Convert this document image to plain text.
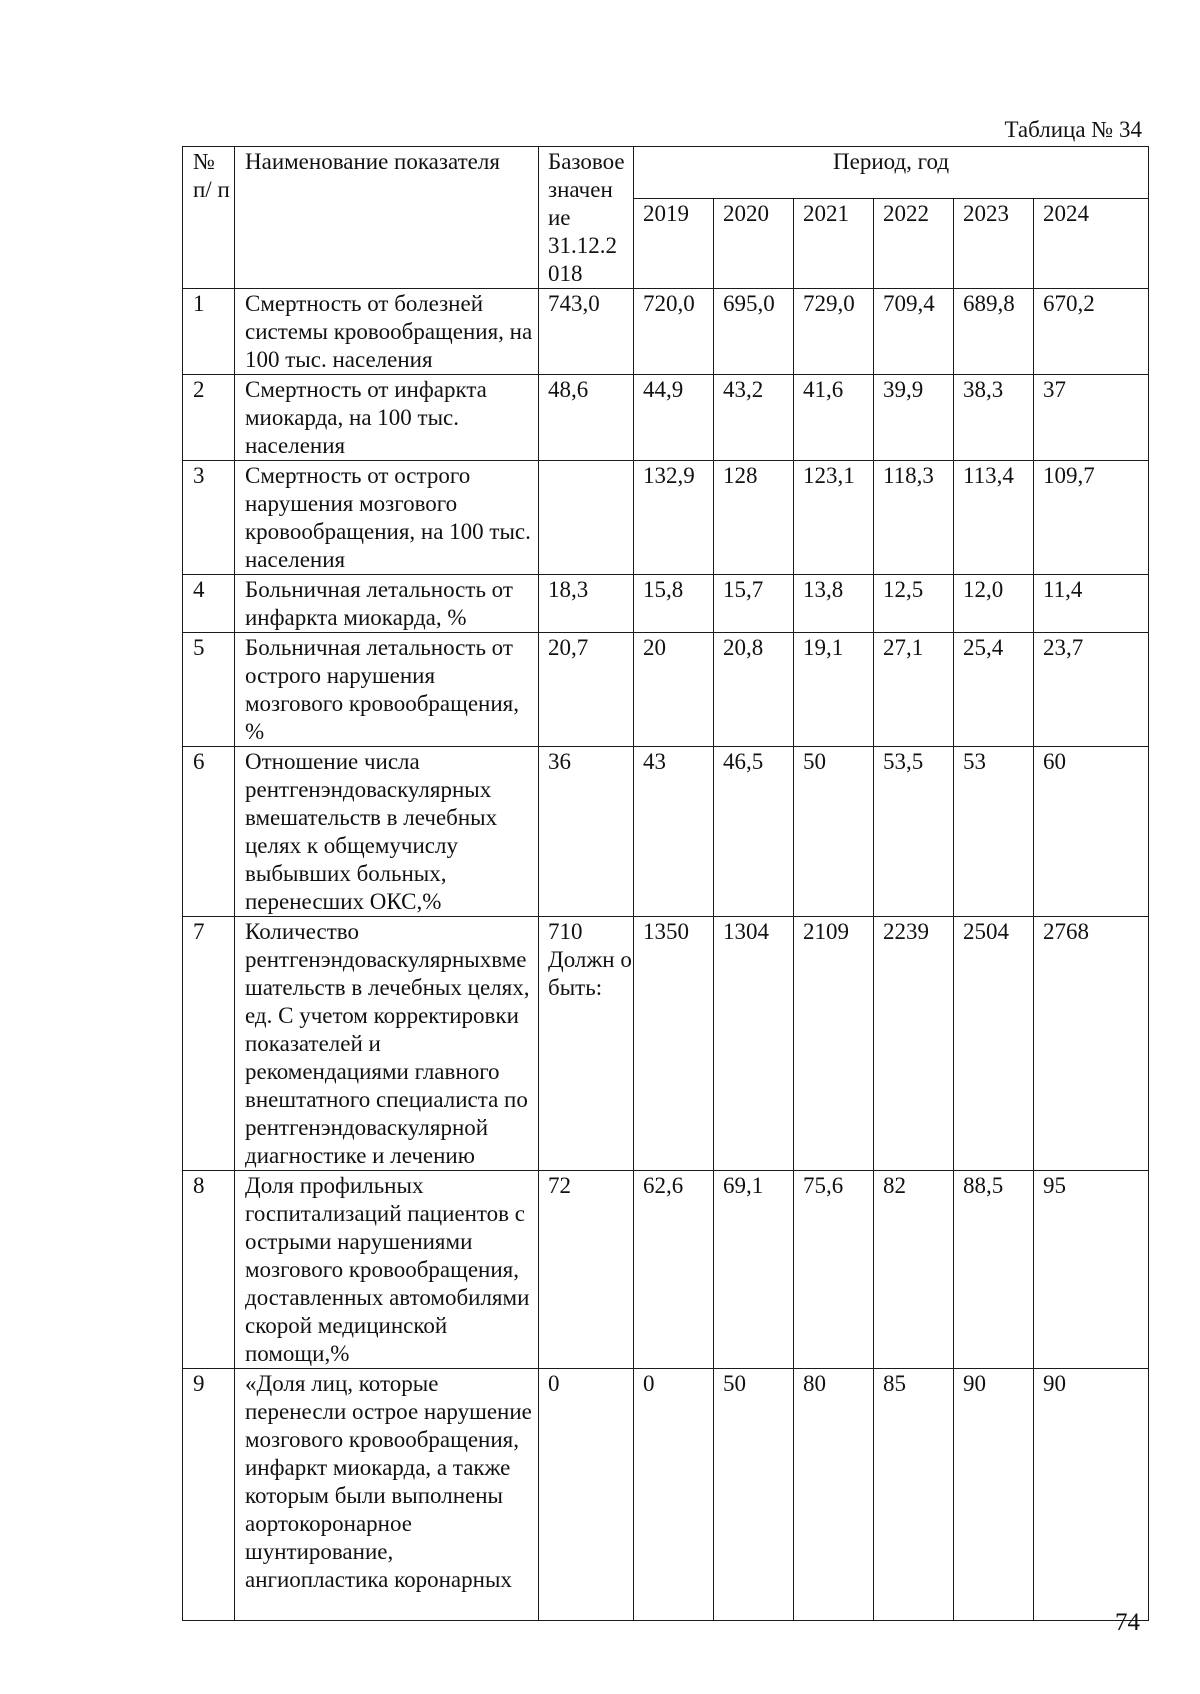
Таблица № 34
№ п/ п	Наименование показателя	Базовое значен ие 31.12.2 018	Период, год					
			2019	2020	2021	2022	2023	2024
1	Смертность от болезней системы кровообращения, на 100 тыс. населения	743,0	720,0	695,0	729,0	709,4	689,8	670,2
2	Смертность от инфаркта миокарда, на 100 тыс. населения	48,6	44,9	43,2	41,6	39,9	38,3	37
3	Смертность от острого нарушения мозгового кровообращения, на 100 тыс. населения		132,9	128	123,1	118,3	113,4	109,7
4	Больничная летальность от инфаркта миокарда, %	18,3	15,8	15,7	13,8	12,5	12,0	11,4
5	Больничная летальность от острого нарушения мозгового кровообращения, %	20,7	20	20,8	19,1	27,1	25,4	23,7
6	Отношение числа рентгенэндоваскулярных вмешательств в лечебных целях к общемучислу выбывших больных, перенесших ОКС,%	36	43	46,5	50	53,5	53	60
7	Количество рентгенэндоваскулярныхвме шательств в лечебных целях, ед. С учетом корректировки показателей и рекомендациями главного внештатного специалиста по рентгенэндоваскулярной диагностике и лечению	710 Должн о быть:	1350	1304	2109	2239	2504	2768
8	Доля профильных госпитализаций пациентов с острыми нарушениями мозгового кровообращения, доставленных автомобилями скорой медицинской помощи,%	72	62,6	69,1	75,6	82	88,5	95
9	«Доля лиц, которые перенесли острое нарушение мозгового кровообращения, инфаркт миокарда, а также которым были выполнены аортокоронарное шунтирование, ангиопластика коронарных	0	0	50	80	85	90	90
74
